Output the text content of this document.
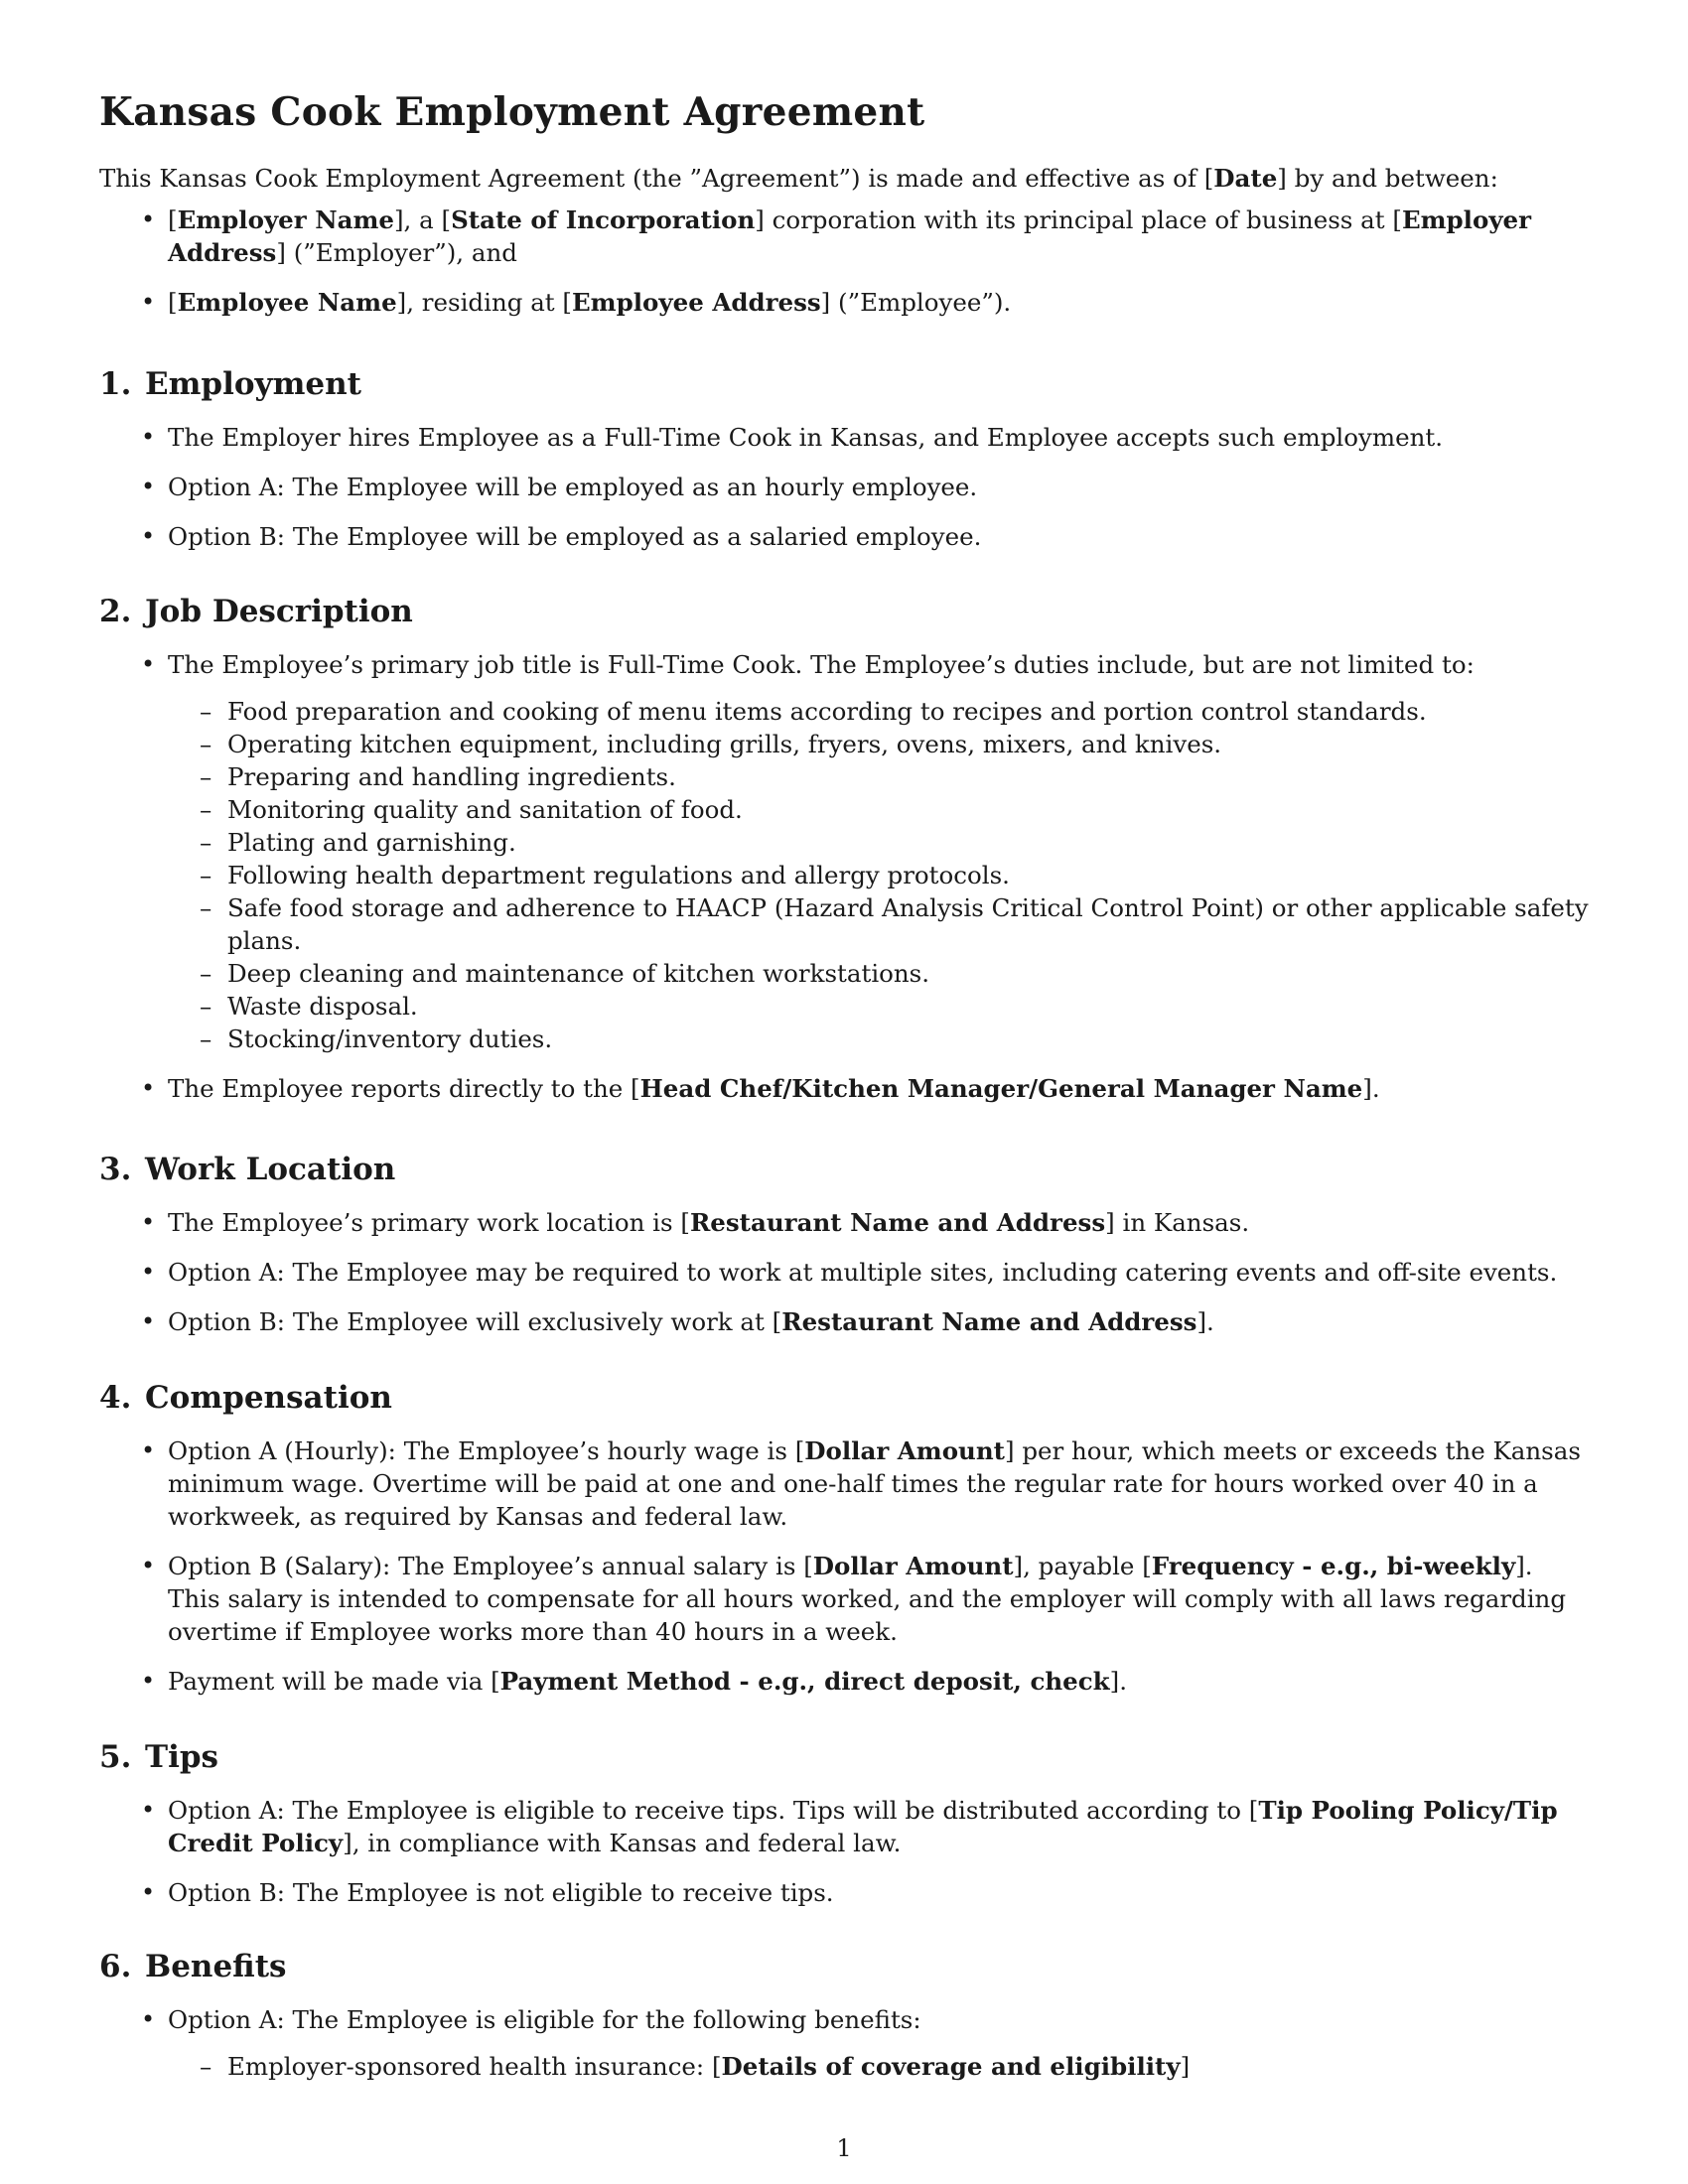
Kansas Cook Employment Agreement

This Kansas Cook Employment Agreement (the ”Agreement”) is made and effective as of [Date] by and between:

• [Employer Name], a [State of Incorporation] corporation with its principal place of business at [Employer Address] (”Employer”), and
• [Employee Name], residing at [Employee Address] (”Employee”).
1. Employment
• The Employer hires Employee as a Full-Time Cook in Kansas, and Employee accepts such employment.
• Option A: The Employee will be employed as an hourly employee.
• Option B: The Employee will be employed as a salaried employee.
2. Job Description
• The Employee’s primary job title is Full-Time Cook. The Employee’s duties include, but are not limited to:
– Food preparation and cooking of menu items according to recipes and portion control standards.
– Operating kitchen equipment, including grills, fryers, ovens, mixers, and knives.
– Preparing and handling ingredients.
– Monitoring quality and sanitation of food.
– Plating and garnishing.
– Following health department regulations and allergy protocols.
– Safe food storage and adherence to HAACP (Hazard Analysis Critical Control Point) or other applicable safety plans.
– Deep cleaning and maintenance of kitchen workstations.
– Waste disposal.
– Stocking/inventory duties.
• The Employee reports directly to the [Head Chef/Kitchen Manager/General Manager Name].
3. Work Location
• The Employee’s primary work location is [Restaurant Name and Address] in Kansas.
• Option A: The Employee may be required to work at multiple sites, including catering events and off-site events.
• Option B: The Employee will exclusively work at [Restaurant Name and Address].
4. Compensation
• Option A (Hourly): The Employee’s hourly wage is [Dollar Amount] per hour, which meets or exceeds the Kansas minimum wage. Overtime will be paid at one and one-half times the regular rate for hours worked over 40 in a workweek, as required by Kansas and federal law.
• Option B (Salary): The Employee’s annual salary is [Dollar Amount], payable [Frequency - e.g., bi-weekly]. This salary is intended to compensate for all hours worked, and the employer will comply with all laws regarding overtime if Employee works more than 40 hours in a week.
• Payment will be made via [Payment Method - e.g., direct deposit, check].
5. Tips
• Option A: The Employee is eligible to receive tips. Tips will be distributed according to [Tip Pooling Policy/Tip Credit Policy], in compliance with Kansas and federal law.
• Option B: The Employee is not eligible to receive tips.
6. Benefits
• Option A: The Employee is eligible for the following benefits:
– Employer-sponsored health insurance: [Details of coverage and eligibility]
1
